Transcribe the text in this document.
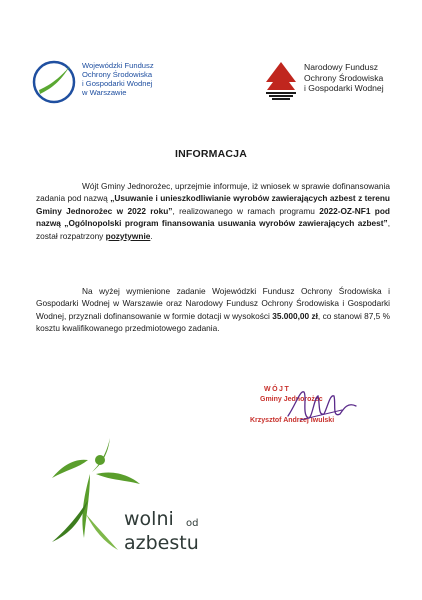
Wojewódzki Fundusz
Ochrony Środowiska
i Gospodarki Wodnej
w Warszawie
Narodowy Fundusz
Ochrony Środowiska
i Gospodarki Wodnej
INFORMACJA
Wójt Gminy Jednorożec, uprzejmie informuje, iż wniosek w sprawie dofinansowania zadania pod nazwą „Usuwanie i unieszkodliwianie wyrobów zawierających azbest z terenu Gminy Jednorożec w 2022 roku”, realizowanego w ramach programu 2022-OZ-NF1 pod nazwą „Ogólnopolski program finansowania usuwania wyrobów zawierających azbest”, został rozpatrzony pozytywnie.
Na wyżej wymienione zadanie Wojewódzki Fundusz Ochrony Środowiska i Gospodarki Wodnej w Warszawie oraz Narodowy Fundusz Ochrony Środowiska i Gospodarki Wodnej, przyznali dofinansowanie w formie dotacji w wysokości 35.000,00 zł, co stanowi 87,5 % kosztu kwalifikowanego przedmiotowego zadania.
WÓJT
Gminy Jednorożec
Krzysztof Andrzej Iwulski
wolni od
azbestu
